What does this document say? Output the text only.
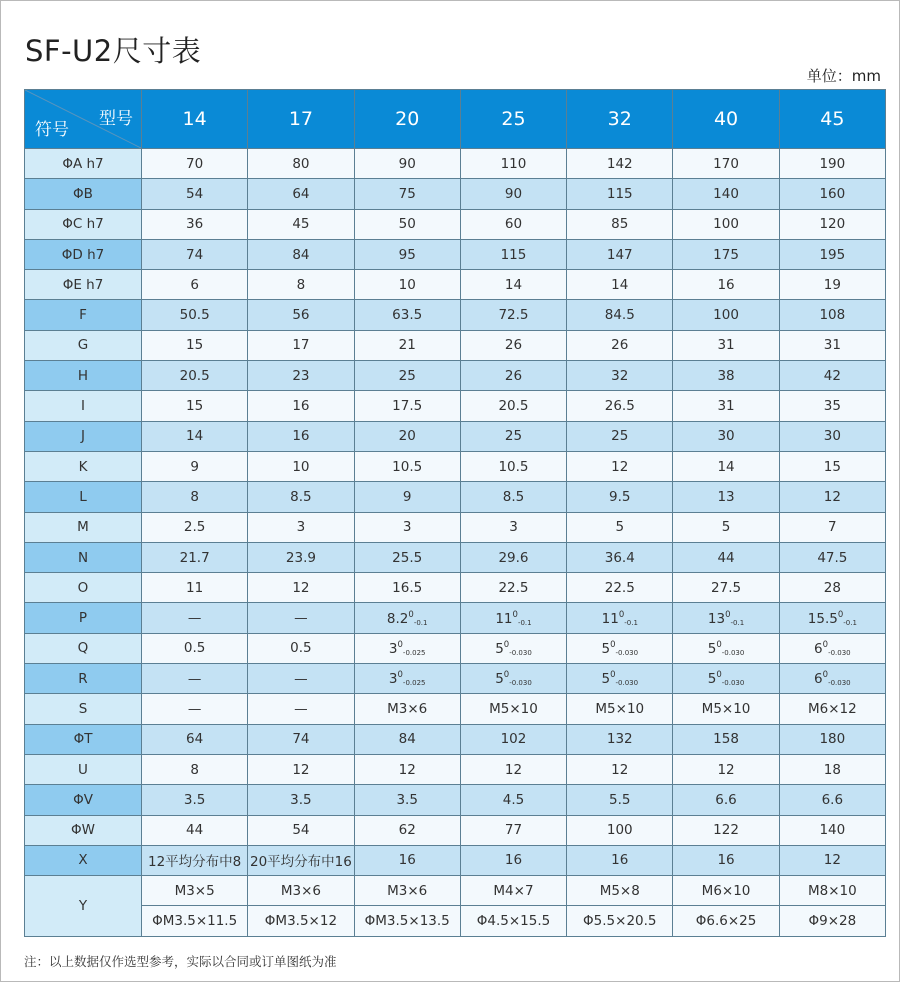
SF-U2尺寸表
单位：mm
型号
符号	14	17	20	25	32	40	45
ΦA h7	70	80	90	110	142	170	190
ΦB	54	64	75	90	115	140	160
ΦC h7	36	45	50	60	85	100	120
ΦD h7	74	84	95	115	147	175	195
ΦE h7	6	8	10	14	14	16	19
F	50.5	56	63.5	72.5	84.5	100	108
G	15	17	21	26	26	31	31
H	20.5	23	25	26	32	38	42
I	15	16	17.5	20.5	26.5	31	35
J	14	16	20	25	25	30	30
K	9	10	10.5	10.5	12	14	15
L	8	8.5	9	8.5	9.5	13	12
M	2.5	3	3	3	5	5	7
N	21.7	23.9	25.5	29.6	36.4	44	47.5
O	11	12	16.5	22.5	22.5	27.5	28
P	—	—	$8.2^0_{-0.1}$	$11^0_{-0.1}$	$11^0_{-0.1}$	$13^0_{-0.1}$	$15.5^0_{-0.1}$
Q	0.5	0.5	$3^0_{-0.025}$	$5^0_{-0.030}$	$5^0_{-0.030}$	$5^0_{-0.030}$	$6^0_{-0.030}$
R	—	—	$3^0_{-0.025}$	$5^0_{-0.030}$	$5^0_{-0.030}$	$5^0_{-0.030}$	$6^0_{-0.030}$
S	—	—	M3×6	M5×10	M5×10	M5×10	M6×12
ΦT	64	74	84	102	132	158	180
U	8	12	12	12	12	12	18
ΦV	3.5	3.5	3.5	4.5	5.5	6.6	6.6
ΦW	44	54	62	77	100	122	140
X	12平均分布中8	20平均分布中16	16	16	16	16	12
Y	M3×5	M3×6	M3×6	M4×7	M5×8	M6×10	M8×10
	ΦM3.5×11.5	ΦM3.5×12	ΦM3.5×13.5	Φ4.5×15.5	Φ5.5×20.5	Φ6.6×25	Φ9×28
注：以上数据仅作选型参考，实际以合同或订单图纸为准
